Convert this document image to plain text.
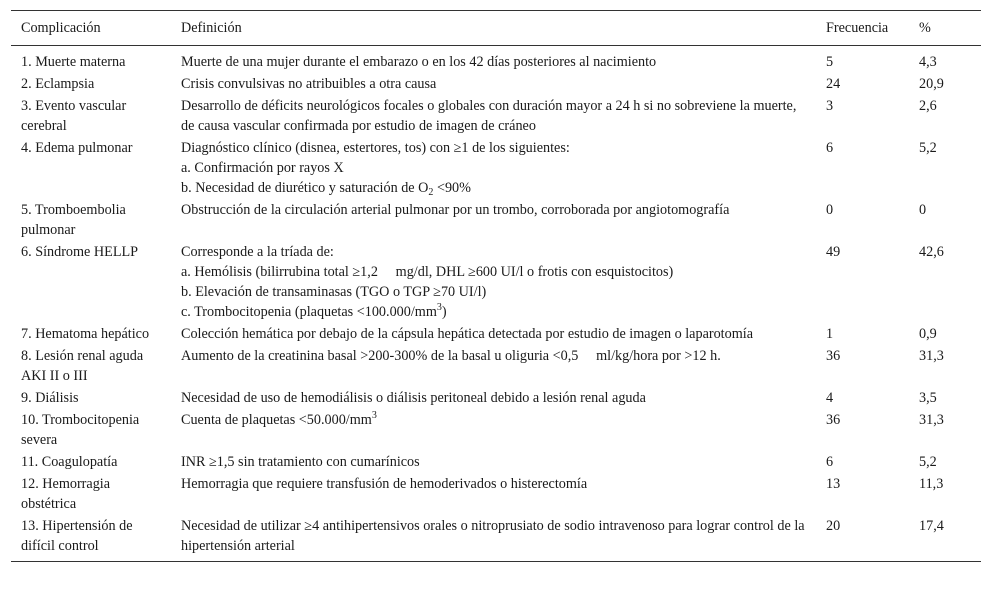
Complicación	Definición	Frecuencia	%
1. Muerte materna	Muerte de una mujer durante el embarazo o en los 42 días posteriores al nacimiento	5	4,3
2. Eclampsia	Crisis convulsivas no atribuibles a otra causa	24	20,9
3. Evento vascular cerebral	Desarrollo de déficits neurológicos focales o globales con duración mayor a 24 h si no sobreviene la muerte, de causa vascular confirmada por estudio de imagen de cráneo	3	2,6
4. Edema pulmonar	Diagnóstico clínico (disnea, estertores, tos) con ≥1 de los siguientes:
a. Confirmación por rayos X
b. Necesidad de diurético y saturación de $O_2 <90\%$	6	5,2
5. Tromboembolia pulmonar	Obstrucción de la circulación arterial pulmonar por un trombo, corroborada por angiotomografía	0	0
6. Síndrome HELLP	Corresponde a la tríada de:
a. Hemólisis (bilirrubina total ≥1,2     mg/dl, DHL ≥600 UI/l o frotis con esquistocitos)
b. Elevación de transaminasas (TGO o TGP ≥70 UI/l)
c. Trombocitopenia (plaquetas $<100.000/mm^3$)	49	42,6
7. Hematoma hepático	Colección hemática por debajo de la cápsula hepática detectada por estudio de imagen o laparotomía	1	0,9
8. Lesión renal aguda AKI II o III	Aumento de la creatinina basal >200-300% de la basal u oliguria <0,5     ml/kg/hora por >12 h.	36	31,3
9. Diálisis	Necesidad de uso de hemodiálisis o diálisis peritoneal debido a lesión renal aguda	4	3,5
10. Trombocitopenia severa	Cuenta de plaquetas $<50.000/mm^3$	36	31,3
11. Coagulopatía	INR ≥1,5 sin tratamiento con cumarínicos	6	5,2
12. Hemorragia obstétrica	Hemorragia que requiere transfusión de hemoderivados o histerectomía	13	11,3
13. Hipertensión de difícil control	Necesidad de utilizar ≥4 antihipertensivos orales o nitroprusiato de sodio intravenoso para lograr control de la hipertensión arterial	20	17,4
